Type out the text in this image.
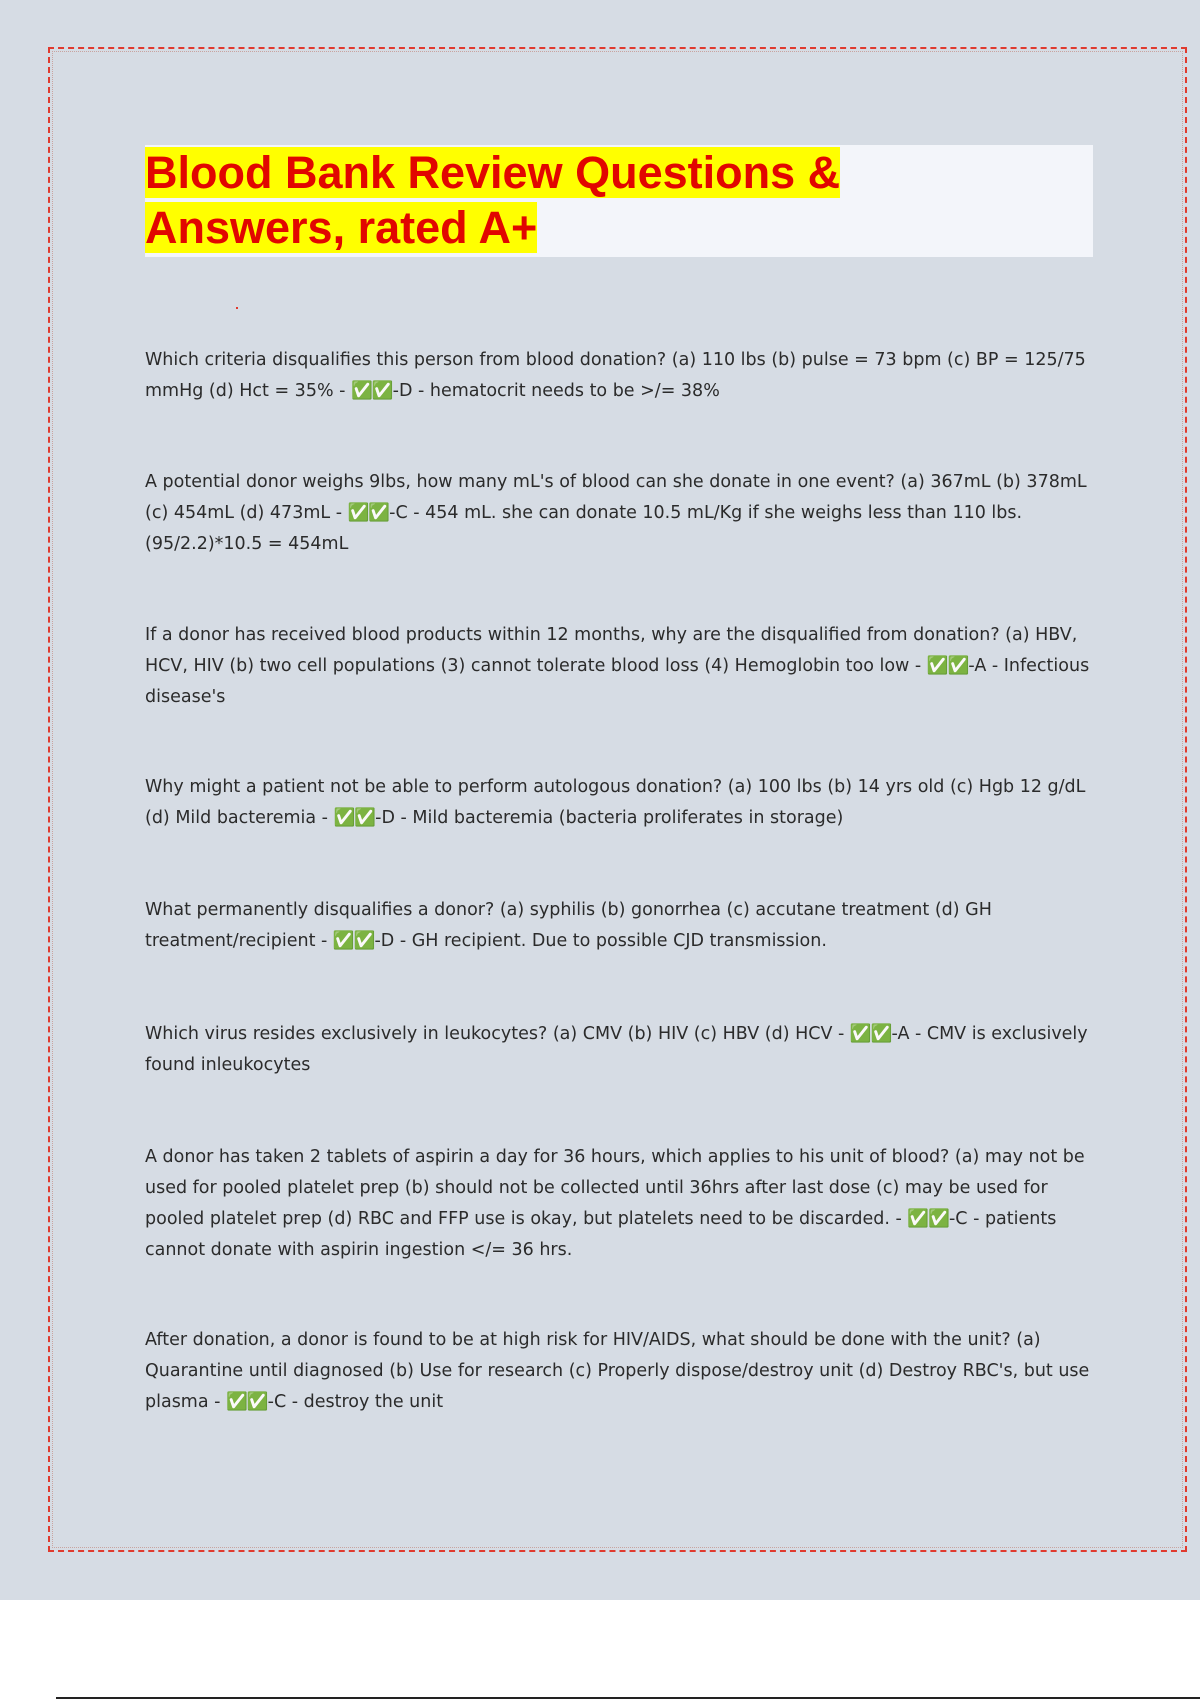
Blood Bank Review Questions &
Answers, rated A+

Which criteria disqualifies this person from blood donation? (a) 110 lbs (b) pulse = 73 bpm (c) BP = 125/75 mmHg (d) Hct = 35% - ✅✅-D - hematocrit needs to be >/= 38%

A potential donor weighs 9lbs, how many mL's of blood can she donate in one event? (a) 367mL (b) 378mL (c) 454mL (d) 473mL - ✅✅-C - 454 mL. she can donate 10.5 mL/Kg if she weighs less than 110 lbs. (95/2.2)*10.5 = 454mL

If a donor has received blood products within 12 months, why are the disqualified from donation? (a) HBV, HCV, HIV (b) two cell populations (3) cannot tolerate blood loss (4) Hemoglobin too low - ✅✅-A - Infectious disease's

Why might a patient not be able to perform autologous donation? (a) 100 lbs (b) 14 yrs old (c) Hgb 12 g/dL (d) Mild bacteremia - ✅✅-D - Mild bacteremia (bacteria proliferates in storage)

What permanently disqualifies a donor? (a) syphilis (b) gonorrhea (c) accutane treatment (d) GH treatment/recipient - ✅✅-D - GH recipient. Due to possible CJD transmission.

Which virus resides exclusively in leukocytes? (a) CMV (b) HIV (c) HBV (d) HCV - ✅✅-A - CMV is exclusively found inleukocytes

A donor has taken 2 tablets of aspirin a day for 36 hours, which applies to his unit of blood? (a) may not be used for pooled platelet prep (b) should not be collected until 36hrs after last dose (c) may be used for pooled platelet prep (d) RBC and FFP use is okay, but platelets need to be discarded. - ✅✅-C - patients cannot donate with aspirin ingestion </= 36 hrs.

After donation, a donor is found to be at high risk for HIV/AIDS, what should be done with the unit? (a) Quarantine until diagnosed (b) Use for research (c) Properly dispose/destroy unit (d) Destroy RBC's, but use plasma - ✅✅-C - destroy the unit
